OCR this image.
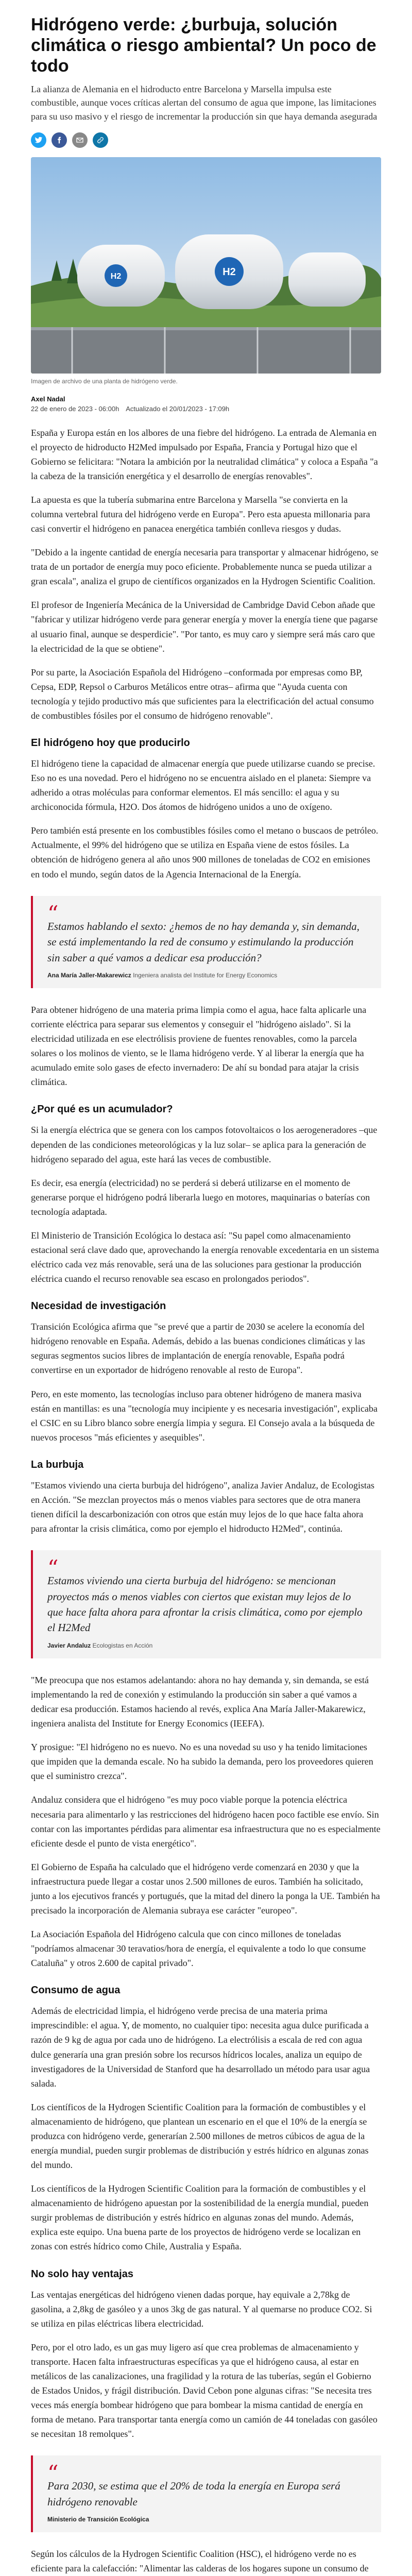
Hidrógeno verde: ¿burbuja, solución climática o riesgo ambiental? Un poco de todo

La alianza de Alemania en el hidroducto entre Barcelona y Marsella impulsa este combustible, aunque voces críticas alertan del consumo de agua que impone, las limitaciones para su uso masivo y el riesgo de incrementar la producción sin que haya demanda asegurada

H2	H2
Imagen de archivo de una planta de hidrógeno verde.
Axel Nadal
22 de enero de 2023 - 06:00h Actualizado el 20/01/2023 - 17:09h

España y Europa están en los albores de una fiebre del hidrógeno. La entrada de Alemania en el proyecto de hidroducto H2Med impulsado por España, Francia y Portugal hizo que el Gobierno se felicitara: "Notara la ambición por la neutralidad climática" y coloca a España "a la cabeza de la transición energética y el desarrollo de energías renovables".

La apuesta es que la tubería submarina entre Barcelona y Marsella "se convierta en la columna vertebral futura del hidrógeno verde en Europa". Pero esta apuesta millonaria para casi convertir el hidrógeno en panacea energética también conlleva riesgos y dudas.

"Debido a la ingente cantidad de energía necesaria para transportar y almacenar hidrógeno, se trata de un portador de energía muy poco eficiente. Probablemente nunca se pueda utilizar a gran escala", analiza el grupo de científicos organizados en la Hydrogen Scientific Coalition.

El profesor de Ingeniería Mecánica de la Universidad de Cambridge David Cebon añade que "fabricar y utilizar hidrógeno verde para generar energía y mover la energía tiene que pagarse al usuario final, aunque se desperdicie". "Por tanto, es muy caro y siempre será más caro que la electricidad de la que se obtiene".

Por su parte, la Asociación Española del Hidrógeno –conformada por empresas como BP, Cepsa, EDP, Repsol o Carburos Metálicos entre otras– afirma que "Ayuda cuenta con tecnología y tejido productivo más que suficientes para la electrificación del actual consumo de combustibles fósiles por el consumo de hidrógeno renovable".

El hidrógeno hoy que producirlo

El hidrógeno tiene la capacidad de almacenar energía que puede utilizarse cuando se precise. Eso no es una novedad. Pero el hidrógeno no se encuentra aislado en el planeta: Siempre va adherido a otras moléculas para conformar elementos. El más sencillo: el agua y su archiconocida fórmula, H2O. Dos átomos de hidrógeno unidos a uno de oxígeno.

Pero también está presente en los combustibles fósiles como el metano o buscaos de petróleo. Actualmente, el 99% del hidrógeno que se utiliza en España viene de estos fósiles. La obtención de hidrógeno genera al año unos 900 millones de toneladas de CO2 en emisiones en todo el mundo, según datos de la Agencia Internacional de la Energía.

“

Estamos hablando el sexto: ¿hemos de no hay demanda y, sin demanda, se está implementando la red de consumo y estimulando la producción sin saber a qué vamos a dedicar esa producción?

Ana María Jaller-Makarewicz Ingeniera analista del Institute for Energy Economics

Para obtener hidrógeno de una materia prima limpia como el agua, hace falta aplicarle una corriente eléctrica para separar sus elementos y conseguir el "hidrógeno aislado". Si la electricidad utilizada en ese electrólisis proviene de fuentes renovables, como la parcela solares o los molinos de viento, se le llama hidrógeno verde. Y al liberar la energía que ha acumulado emite solo gases de efecto invernadero: De ahí su bondad para atajar la crisis climática.

¿Por qué es un acumulador?

Si la energía eléctrica que se genera con los campos fotovoltaicos o los aerogeneradores –que dependen de las condiciones meteorológicas y la luz solar– se aplica para la generación de hidrógeno separado del agua, este hará las veces de combustible.

Es decir, esa energía (electricidad) no se perderá si deberá utilizarse en el momento de generarse porque el hidrógeno podrá liberarla luego en motores, maquinarias o baterías con tecnología adaptada.

El Ministerio de Transición Ecológica lo destaca así: "Su papel como almacenamiento estacional será clave dado que, aprovechando la energía renovable excedentaria en un sistema eléctrico cada vez más renovable, será una de las soluciones para gestionar la producción eléctrica cuando el recurso renovable sea escaso en prolongados periodos".

Necesidad de investigación

Transición Ecológica afirma que "se prevé que a partir de 2030 se acelere la economía del hidrógeno renovable en España. Además, debido a las buenas condiciones climáticas y las seguras segmentos sucios libres de implantación de energía renovable, España podrá convertirse en un exportador de hidrógeno renovable al resto de Europa".

Pero, en este momento, las tecnologías incluso para obtener hidrógeno de manera masiva están en mantillas: es una "tecnología muy incipiente y es necesaria investigación", explicaba el CSIC en su Libro blanco sobre energía limpia y segura. El Consejo avala a la búsqueda de nuevos procesos "más eficientes y asequibles".

La burbuja

"Estamos viviendo una cierta burbuja del hidrógeno", analiza Javier Andaluz, de Ecologistas en Acción. "Se mezclan proyectos más o menos viables para sectores que de otra manera tienen difícil la descarbonización con otros que están muy lejos de lo que hace falta ahora para afrontar la crisis climática, como por ejemplo el hidroducto H2Med", continúa.

“

Estamos viviendo una cierta burbuja del hidrógeno: se mencionan proyectos más o menos viables con ciertos que existan muy lejos de lo que hace falta ahora para afrontar la crisis climática, como por ejemplo el H2Med

Javier Andaluz Ecologistas en Acción

"Me preocupa que nos estamos adelantando: ahora no hay demanda y, sin demanda, se está implementando la red de conexión y estimulando la producción sin saber a qué vamos a dedicar esa producción. Estamos haciendo al revés, explica Ana María Jaller-Makarewicz, ingeniera analista del Institute for Energy Economics (IEEFA).

Y prosigue: "El hidrógeno no es nuevo. No es una novedad su uso y ha tenido limitaciones que impiden que la demanda escale. No ha subido la demanda, pero los proveedores quieren que el suministro crezca".

Andaluz considera que el hidrógeno "es muy poco viable porque la potencia eléctrica necesaria para alimentarlo y las restricciones del hidrógeno hacen poco factible ese envío. Sin contar con las importantes pérdidas para alimentar esa infraestructura que no es especialmente eficiente desde el punto de vista energético".

El Gobierno de España ha calculado que el hidrógeno verde comenzará en 2030 y que la infraestructura puede llegar a costar unos 2.500 millones de euros. También ha solicitado, junto a los ejecutivos francés y portugués, que la mitad del dinero la ponga la UE. También ha precisado la incorporación de Alemania subraya ese carácter "europeo".

La Asociación Española del Hidrógeno calcula que con cinco millones de toneladas "podríamos almacenar 30 teravatios/hora de energía, el equivalente a todo lo que consume Cataluña" y otros 2.600 de capital privado".

Consumo de agua

Además de electricidad limpia, el hidrógeno verde precisa de una materia prima imprescindible: el agua. Y, de momento, no cualquier tipo: necesita agua dulce purificada a razón de 9 kg de agua por cada uno de hidrógeno. La electrólisis a escala de red con agua dulce generaría una gran presión sobre los recursos hídricos locales, analiza un equipo de investigadores de la Universidad de Stanford que ha desarrollado un método para usar agua salada.

Los científicos de la Hydrogen Scientific Coalition para la formación de combustibles y el almacenamiento de hidrógeno, que plantean un escenario en el que el 10% de la energía se produzca con hidrógeno verde, generarían 2.500 millones de metros cúbicos de agua de la energía mundial, pueden surgir problemas de distribución y estrés hídrico en algunas zonas del mundo.

Los científicos de la Hydrogen Scientific Coalition para la formación de combustibles y el almacenamiento de hidrógeno apuestan por la sostenibilidad de la energía mundial, pueden surgir problemas de distribución y estrés hídrico en algunas zonas del mundo. Además, explica este equipo. Una buena parte de los proyectos de hidrógeno verde se localizan en zonas con estrés hídrico como Chile, Australia y España.

No solo hay ventajas

Las ventajas energéticas del hidrógeno vienen dadas porque, hay equivale a 2,78kg de gasolina, a 2,8kg de gasóleo y a unos 3kg de gas natural. Y al quemarse no produce CO2. Si se utiliza en pilas eléctricas libera electricidad.

Pero, por el otro lado, es un gas muy ligero así que crea problemas de almacenamiento y transporte. Hacen falta infraestructuras específicas ya que el hidrógeno causa, al estar en metálicos de las canalizaciones, una fragilidad y la rotura de las tuberías, según el Gobierno de Estados Unidos, y frágil distribución. David Cebon pone algunas cifras: "Se necesita tres veces más energía bombear hidrógeno que para bombear la misma cantidad de energía en forma de metano. Para transportar tanta energía como un camión de 44 toneladas con gasóleo se necesitan 18 remolques".

“

Para 2030, se estima que el 20% de toda la energía en Europa será hidrógeno renovable

Ministerio de Transición Ecológica

Según los cálculos de la Hydrogen Scientific Coalition (HSC), el hidrógeno verde no es eficiente para la calefacción: "Alimentar las calderas de los hogares supone un consumo de
